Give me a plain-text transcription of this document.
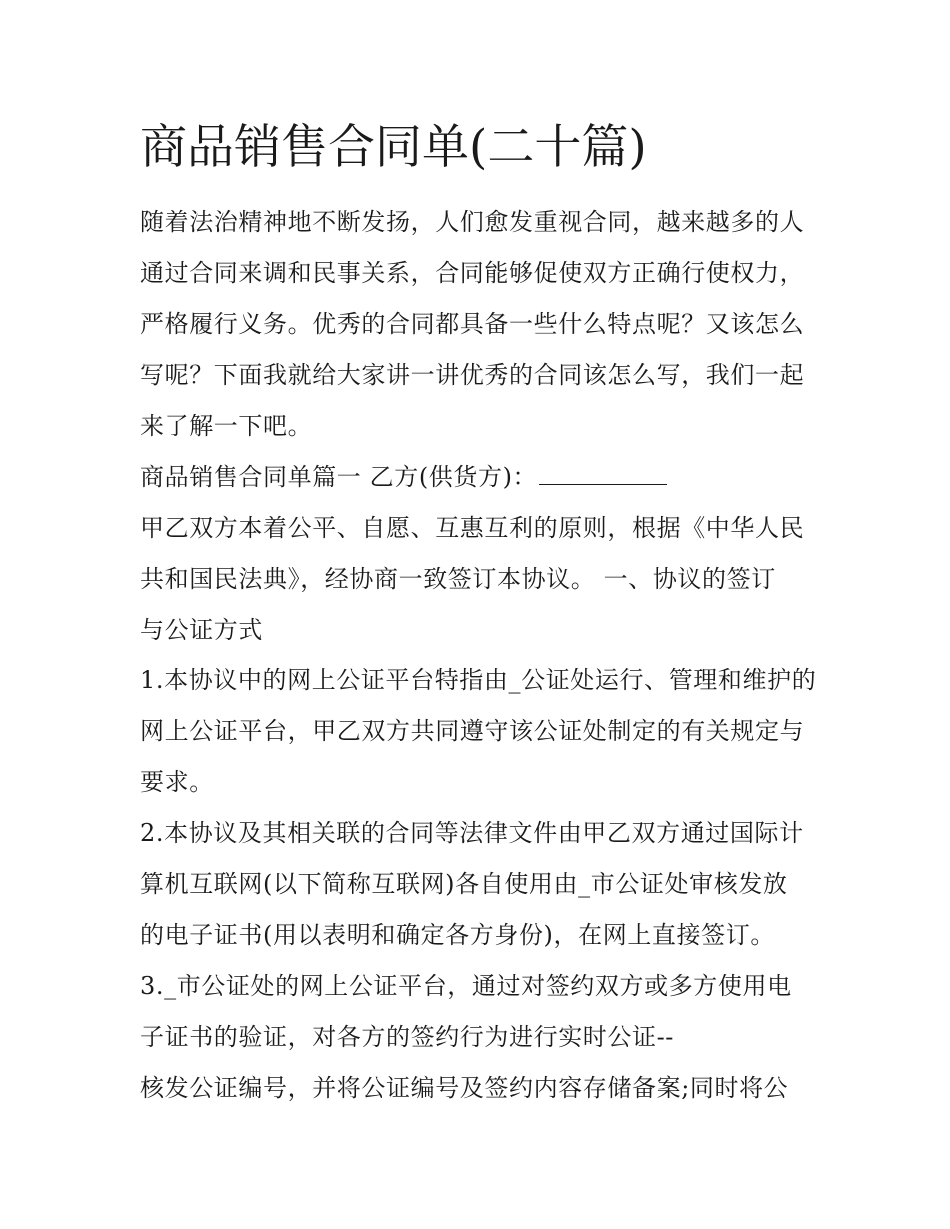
商品销售合同单(二十篇)

随着法治精神地不断发扬，人们愈发重视合同，越来越多的人

通过合同来调和民事关系，合同能够促使双方正确行使权力，

严格履行义务。优秀的合同都具备一些什么特点呢？又该怎么

写呢？下面我就给大家讲一讲优秀的合同该怎么写，我们一起

来了解一下吧。

商品销售合同单篇一 乙方(供货方)：

甲乙双方本着公平、自愿、互惠互利的原则，根据《中华人民

共和国民法典》，经协商一致签订本协议。 一、协议的签订

与公证方式

1.本协议中的网上公证平台特指由_公证处运行、管理和维护的

网上公证平台，甲乙双方共同遵守该公证处制定的有关规定与

要求。

2.本协议及其相关联的合同等法律文件由甲乙双方通过国际计

算机互联网(以下简称互联网)各自使用由_市公证处审核发放

的电子证书(用以表明和确定各方身份)，在网上直接签订。

3._市公证处的网上公证平台，通过对签约双方或多方使用电

子证书的验证，对各方的签约行为进行实时公证--

核发公证编号，并将公证编号及签约内容存储备案;同时将公
